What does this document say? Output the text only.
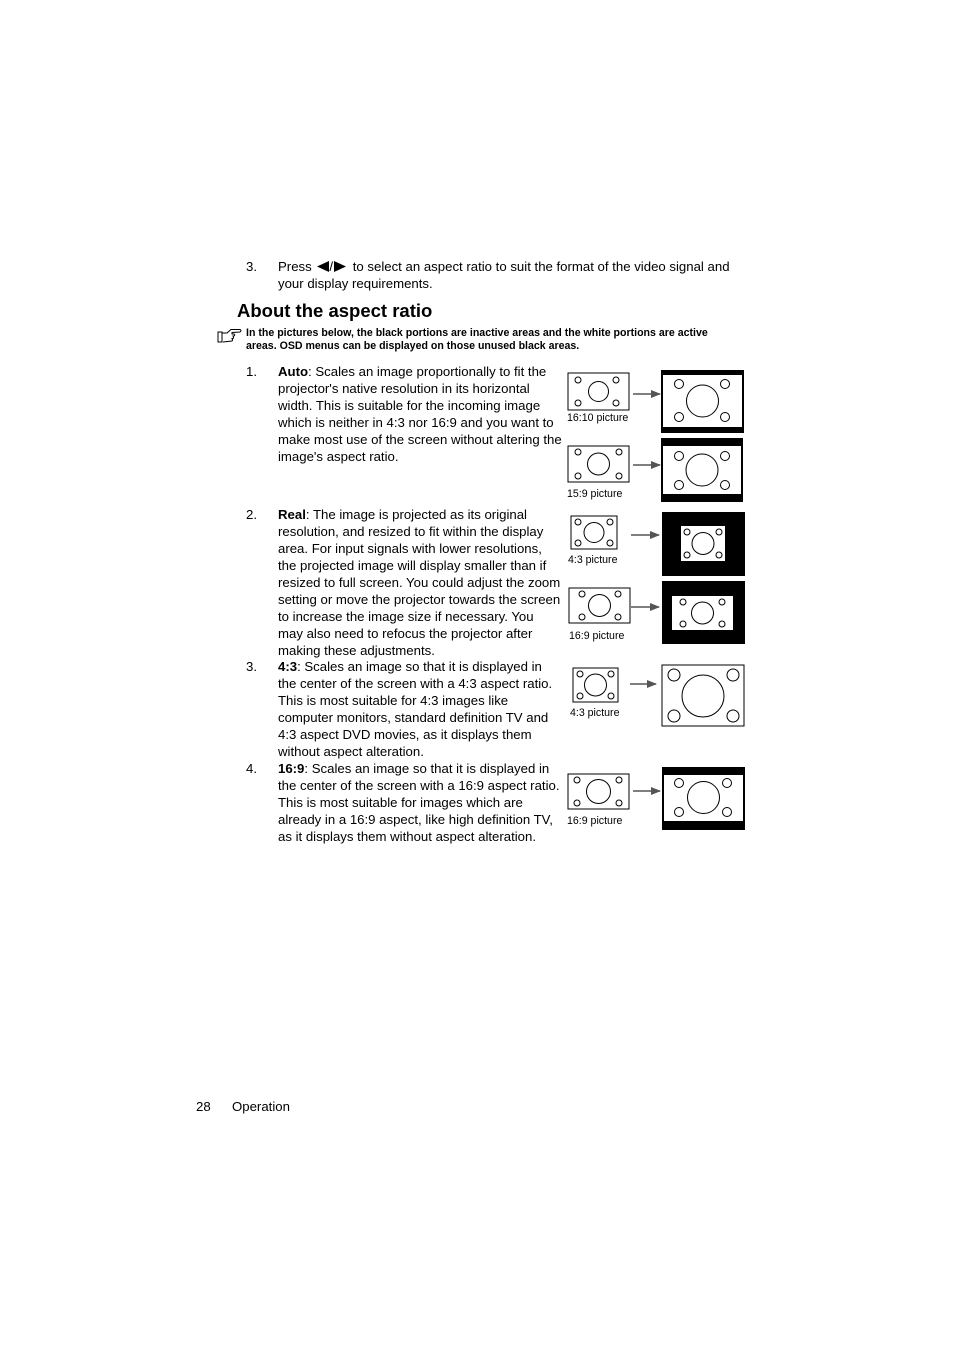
3. Press / to select an aspect ratio to suit the format of the video signal and
your display requirements.
About the aspect ratio
In the pictures below, the black portions are inactive areas and the white portions are active
areas. OSD menus can be displayed on those unused black areas.
1. Auto: Scales an image proportionally to fit the projector's native resolution in its horizontal width. This is suitable for the incoming image which is neither in 4:3 nor 16:9 and you want to make most use of the screen without altering the image's aspect ratio.
2. Real: The image is projected as its original resolution, and resized to fit within the display area. For input signals with lower resolutions, the projected image will display smaller than if resized to full screen. You could adjust the zoom setting or move the projector towards the screen to increase the image size if necessary. You may also need to refocus the projector after making these adjustments.
3. 4:3: Scales an image so that it is displayed in the center of the screen with a 4:3 aspect ratio. This is most suitable for 4:3 images like computer monitors, standard definition TV and 4:3 aspect DVD movies, as it displays them without aspect alteration.
4. 16:9: Scales an image so that it is displayed in the center of the screen with a 16:9 aspect ratio. This is most suitable for images which are already in a 16:9 aspect, like high definition TV, as it displays them without aspect alteration.
16:10 picture
15:9 picture
4:3 picture
16:9 picture
4:3 picture
16:9 picture
28 Operation
